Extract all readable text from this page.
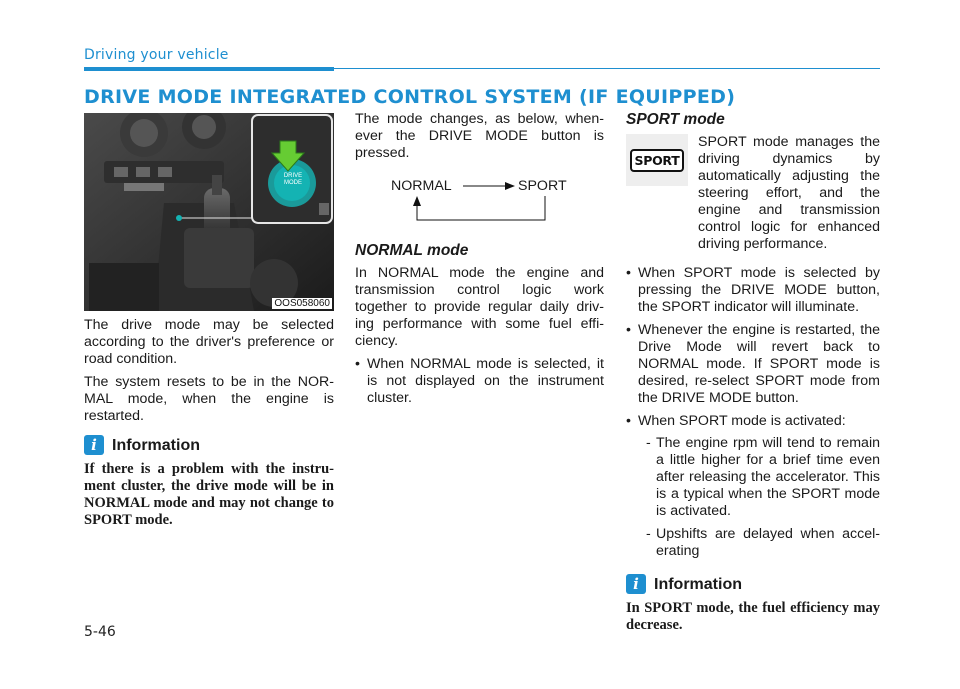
Driving your vehicle
DRIVE MODE INTEGRATED CONTROL SYSTEM (IF EQUIPPED)
DRIVE MODE
OOS058060

The drive mode may be selected according to the driver's preference or road condition.

The system resets to be in the NOR-MAL mode, when the engine is restarted.

i Information

If there is a problem with the instru-ment cluster, the drive mode will be in NORMAL mode and may not change to SPORT mode.

The mode changes, as below, when-ever the DRIVE MODE button is pressed.

NORMAL	SPORT
NORMAL mode

In NORMAL mode the engine and transmission control logic work together to provide regular daily driv-ing performance with some fuel effi-ciency.

• When NORMAL mode is selected, it is not displayed on the instrument cluster.
SPORT mode
SPORT

SPORT mode manages the driving dynamics by automatically adjusting the steering effort, and the engine and transmission control logic for enhanced driving performance.

• When SPORT mode is selected by pressing the DRIVE MODE button, the SPORT indicator will illuminate.
• Whenever the engine is restarted, the Drive Mode will revert back to NORMAL mode. If SPORT mode is desired, re-select SPORT mode from the DRIVE MODE button.
• When SPORT mode is activated:
- The engine rpm will tend to remain a little higher for a brief time even after releasing the accelerator. This is a typical when the SPORT mode is activated.
- Upshifts are delayed when accel-erating
i Information

In SPORT mode, the fuel efficiency may decrease.

5-46
